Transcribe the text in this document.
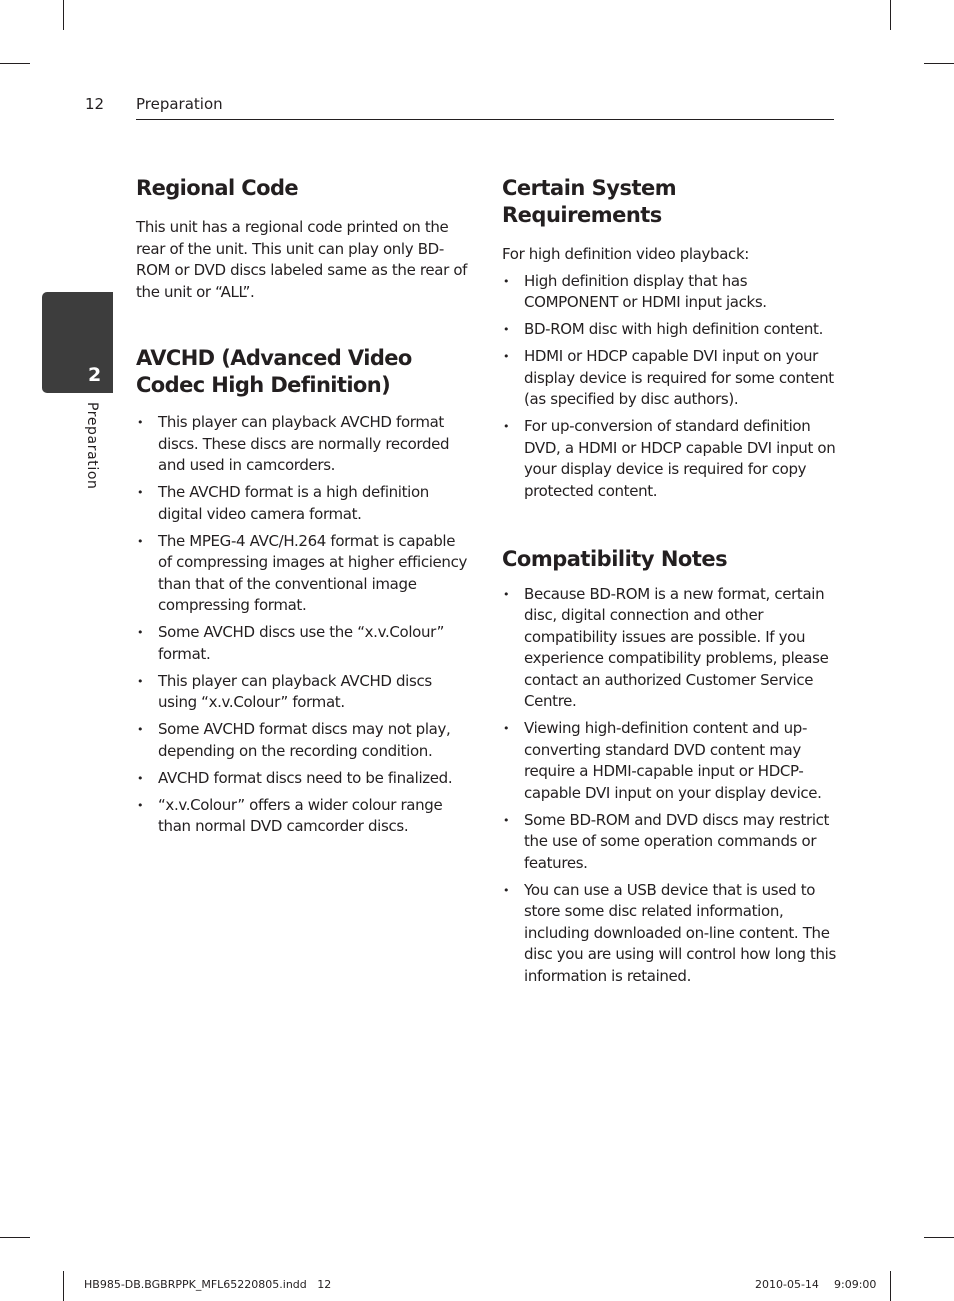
12 Preparation
2
Preparation
Regional Code

This unit has a regional code printed on the rear of the unit. This unit can play only BD-ROM or DVD discs labeled same as the rear of the unit or “ALL”.

AVCHD (Advanced Video Codec High Definition)
• This player can playback AVCHD format discs. These discs are normally recorded and used in camcorders.
• The AVCHD format is a high definition digital video camera format.
• The MPEG-4 AVC/H.264 format is capable of compressing images at higher efficiency than that of the conventional image compressing format.
• Some AVCHD discs use the “x.v.Colour” format.
• This player can playback AVCHD discs using “x.v.Colour” format.
• Some AVCHD format discs may not play, depending on the recording condition.
• AVCHD format discs need to be finalized.
• “x.v.Colour” offers a wider colour range than normal DVD camcorder discs.
Certain System Requirements

For high definition video playback:

• High definition display that has COMPONENT or HDMI input jacks.
• BD-ROM disc with high definition content.
• HDMI or HDCP capable DVI input on your display device is required for some content (as specified by disc authors).
• For up-conversion of standard definition DVD, a HDMI or HDCP capable DVI input on your display device is required for copy protected content.
Compatibility Notes
• Because BD-ROM is a new format, certain disc, digital connection and other compatibility issues are possible. If you experience compatibility problems, please contact an authorized Customer Service Centre.
• Viewing high-definition content and up-converting standard DVD content may require a HDMI-capable input or HDCP-capable DVI input on your display device.
• Some BD-ROM and DVD discs may restrict the use of some operation commands or features.
• You can use a USB device that is used to store some disc related information, including downloaded on-line content. The disc you are using will control how long this information is retained.
HB985-DB.BGBRPPK_MFL65220805.indd   12	2010-05-14 9:09:00
